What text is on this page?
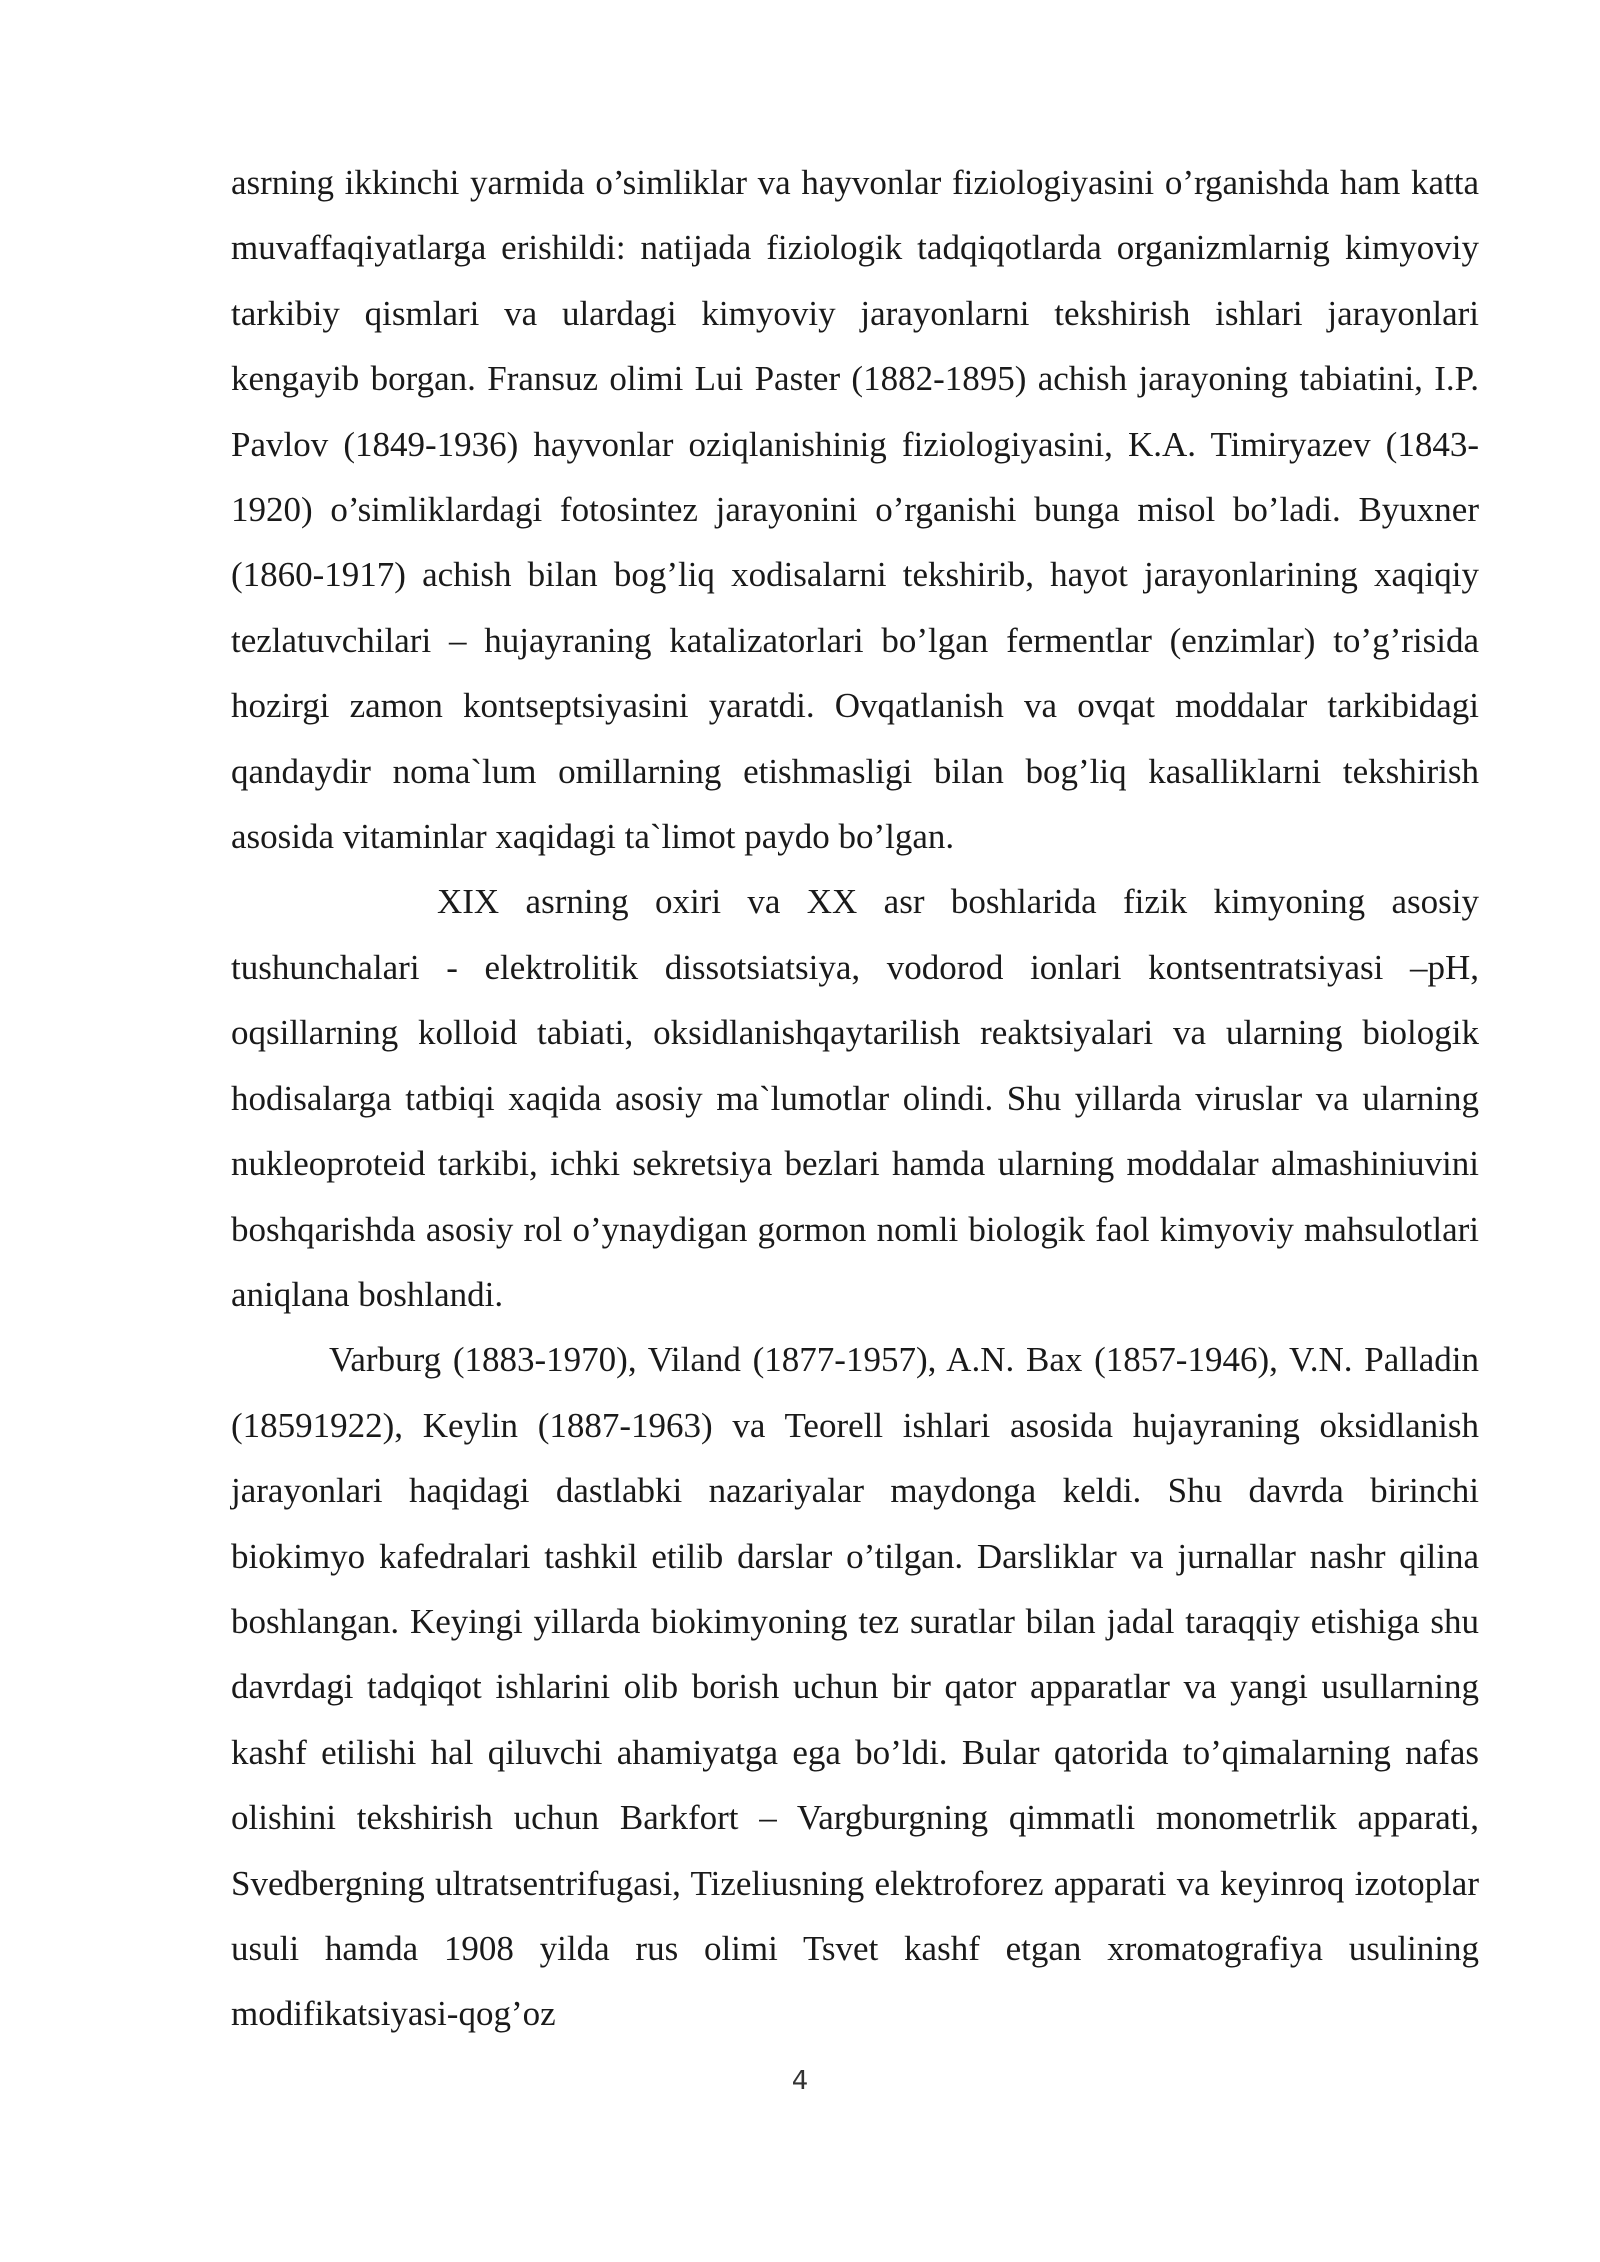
asrning ikkinchi yarmida o’simliklar va hayvonlar fiziologiyasini o’rganishda ham katta muvaffaqiyatlarga erishildi: natijada fiziologik tadqiqotlarda organizmlarnig kimyoviy tarkibiy qismlari va ulardagi kimyoviy jarayonlarni tekshirish ishlari jarayonlari kengayib borgan. Fransuz olimi Lui Paster (1882-1895) achish jarayoning tabiatini, I.P. Pavlov (1849-1936) hayvonlar oziqlanishinig fiziologiyasini, K.A. Timiryazev (1843- 1920) o’simliklardagi fotosintez jarayonini o’rganishi bunga misol bo’ladi. Byuxner (1860-1917) achish bilan bog’liq xodisalarni tekshirib, hayot jarayonlarining xaqiqiy tezlatuvchilari – hujayraning katalizatorlari bo’lgan fermentlar (enzimlar) to’g’risida hozirgi zamon kontseptsiyasini yaratdi. Ovqatlanish va ovqat moddalar tarkibidagi qandaydir noma`lum omillarning etishmasligi bilan bog’liq kasalliklarni tekshirish asosida vitaminlar xaqidagi ta`limot paydo bo’lgan.

XIX asrning oxiri va XX asr boshlarida fizik kimyoning asosiy tushunchalari - elektrolitik dissotsiatsiya, vodorod ionlari kontsentratsiyasi –pH, oqsillarning kolloid tabiati, oksidlanishqaytarilish reaktsiyalari va ularning biologik hodisalarga tatbiqi xaqida asosiy ma`lumotlar olindi. Shu yillarda viruslar va ularning nukleoproteid tarkibi, ichki sekretsiya bezlari hamda ularning moddalar almashiniuvini boshqarishda asosiy rol o’ynaydigan gormon nomli biologik faol kimyoviy mahsulotlari aniqlana boshlandi.

Varburg (1883-1970), Viland (1877-1957), A.N. Bax (1857-1946), V.N. Palladin (18591922), Keylin (1887-1963) va Teorell ishlari asosida hujayraning oksidlanish jarayonlari haqidagi dastlabki nazariyalar maydonga keldi. Shu davrda birinchi biokimyo kafedralari tashkil etilib darslar o’tilgan. Darsliklar va jurnallar nashr qilina boshlangan. Keyingi yillarda biokimyoning tez suratlar bilan jadal taraqqiy etishiga shu davrdagi tadqiqot ishlarini olib borish uchun bir qator apparatlar va yangi usullarning kashf etilishi hal qiluvchi ahamiyatga ega bo’ldi. Bular qatorida to’qimalarning nafas olishini tekshirish uchun Barkfort – Vargburgning qimmatli monometrlik apparati, Svedbergning ultratsentrifugasi, Tizeliusning elektroforez apparati va keyinroq izotoplar usuli hamda 1908 yilda rus olimi Tsvet kashf etgan xromatografiya usulining modifikatsiyasi-qog’oz

4
